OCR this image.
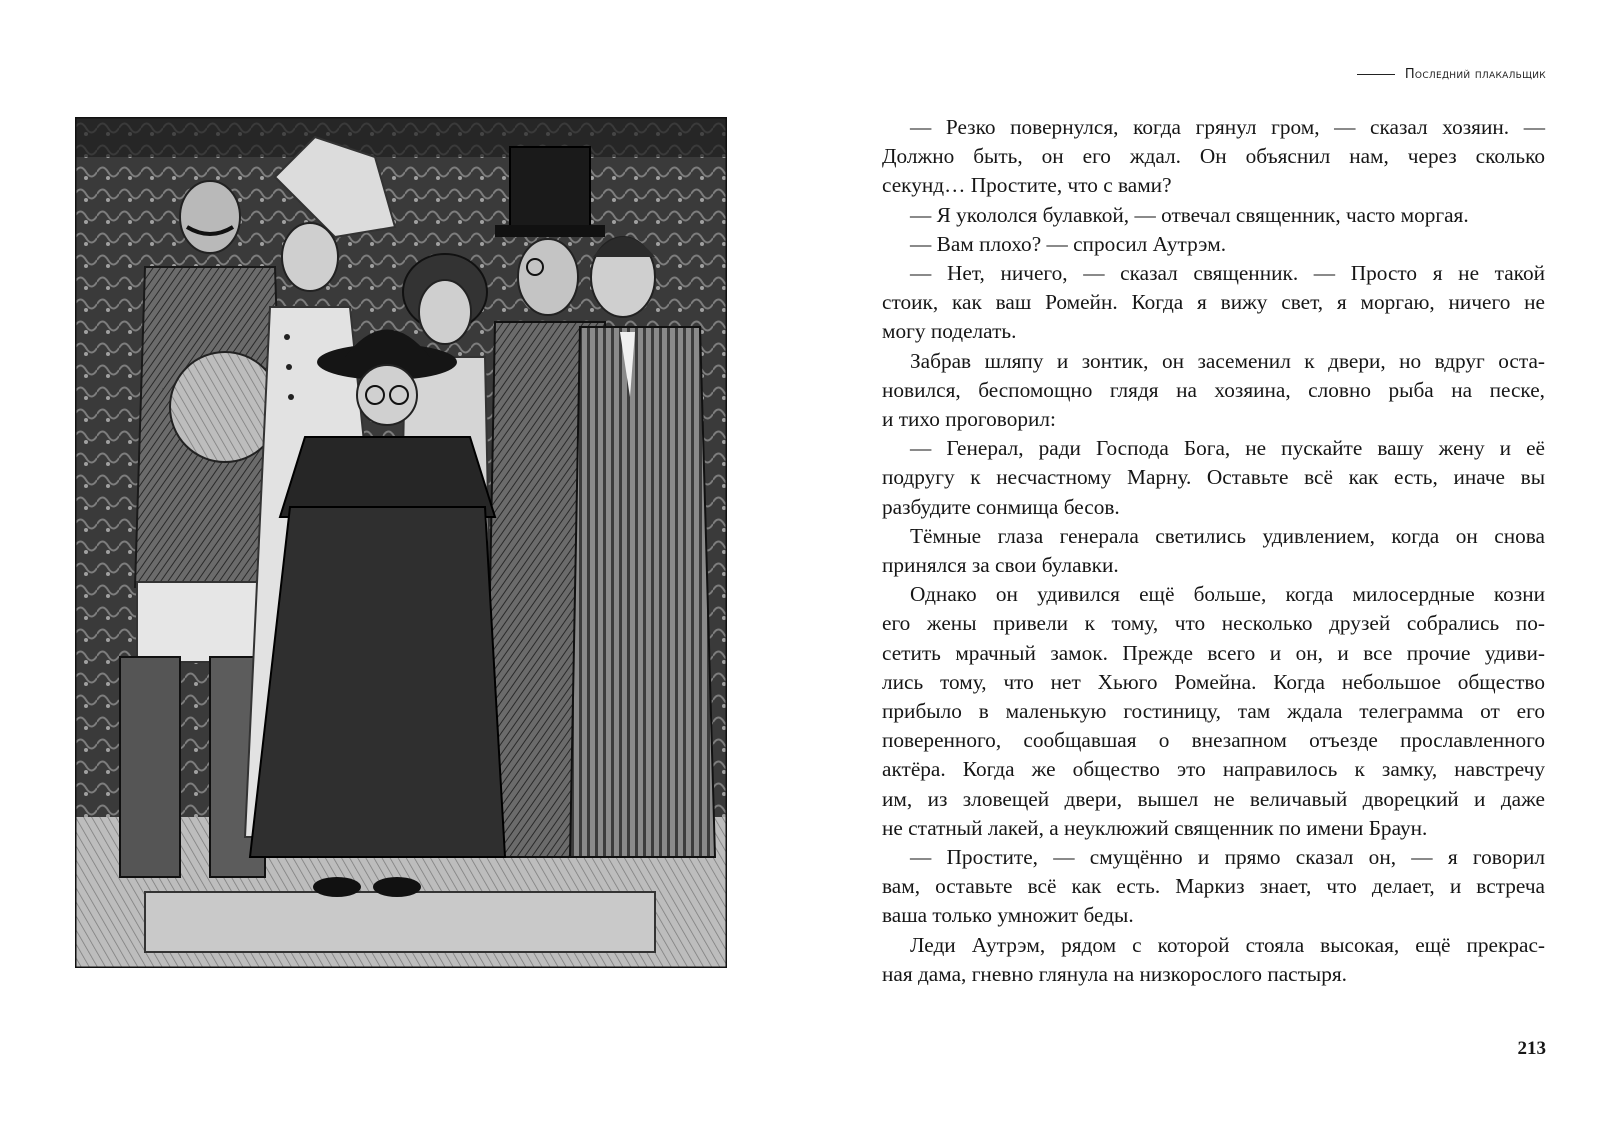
Последний плакальщик

— Резко повернулся, когда грянул гром, — сказал хозяин. —
Должно быть, он его ждал. Он объяснил нам, через сколько
секунд… Простите, что с вами?

— Я укололся булавкой, — отвечал священник, часто моргая.

— Вам плохо? — спросил Аутрэм.

— Нет, ничего, — сказал священник. — Просто я не такой
стоик, как ваш Ромейн. Когда я вижу свет, я моргаю, ничего не
могу поделать.

Забрав шляпу и зонтик, он засеменил к двери, но вдруг оста-
новился, беспомощно глядя на хозяина, словно рыба на песке,
и тихо проговорил:

— Генерал, ради Господа Бога, не пускайте вашу жену и её
подругу к несчастному Марну. Оставьте всё как есть, иначе вы
разбудите сонмища бесов.

Тёмные глаза генерала светились удивлением, когда он снова
принялся за свои булавки.

Однако он удивился ещё больше, когда милосердные козни
его жены привели к тому, что несколько друзей собрались по-
сетить мрачный замок. Прежде всего и он, и все прочие удиви-
лись тому, что нет Хьюго Ромейна. Когда небольшое общество
прибыло в маленькую гостиницу, там ждала телеграмма от его
поверенного, сообщавшая о внезапном отъезде прославленного
актёра. Когда же общество это направилось к замку, навстречу
им, из зловещей двери, вышел не величавый дворецкий и даже
не статный лакей, а неуклюжий священник по имени Браун.

— Простите, — смущённо и прямо сказал он, — я говорил
вам, оставьте всё как есть. Маркиз знает, что делает, и встреча
ваша только умножит беды.

Леди Аутрэм, рядом с которой стояла высокая, ещё прекрас-
ная дама, гневно глянула на низкорослого пастыря.

213
